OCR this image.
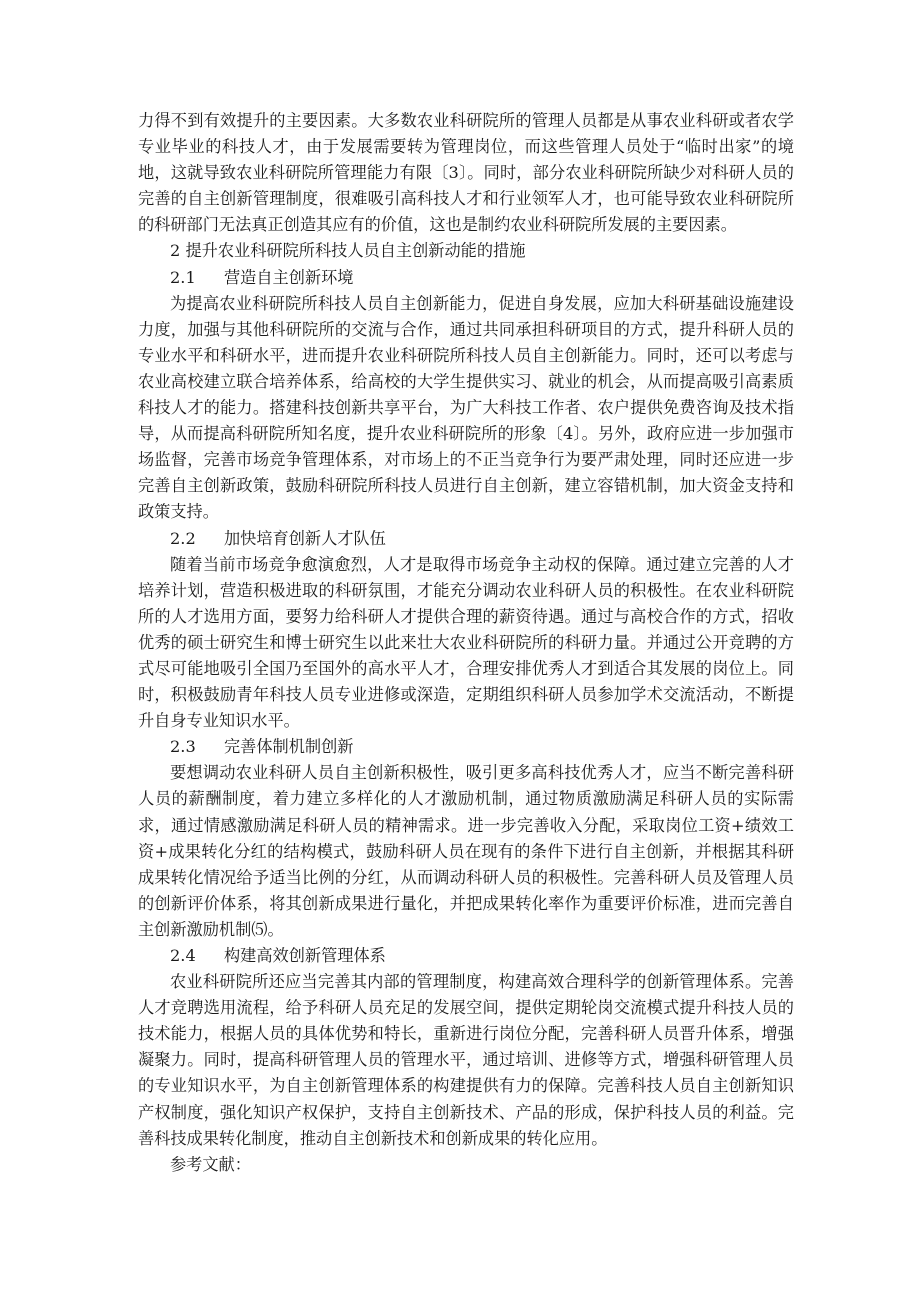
力得不到有效提升的主要因素。大多数农业科研院所的管理人员都是从事农业科研或者农学专业毕业的科技人才，由于发展需要转为管理岗位，而这些管理人员处于“临时出家”的境地，这就导致农业科研院所管理能力有限〔3〕。同时，部分农业科研院所缺少对科研人员的完善的自主创新管理制度，很难吸引高科技人才和行业领军人才，也可能导致农业科研院所的科研部门无法真正创造其应有的价值，这也是制约农业科研院所发展的主要因素。

2 提升农业科研院所科技人员自主创新动能的措施

2.1 营造自主创新环境

为提高农业科研院所科技人员自主创新能力，促进自身发展，应加大科研基础设施建设力度，加强与其他科研院所的交流与合作，通过共同承担科研项目的方式，提升科研人员的专业水平和科研水平，进而提升农业科研院所科技人员自主创新能力。同时，还可以考虑与农业高校建立联合培养体系，给高校的大学生提供实习、就业的机会，从而提高吸引高素质科技人才的能力。搭建科技创新共享平台，为广大科技工作者、农户提供免费咨询及技术指导，从而提高科研院所知名度，提升农业科研院所的形象〔4〕。另外，政府应进一步加强市场监督，完善市场竞争管理体系，对市场上的不正当竞争行为要严肃处理，同时还应进一步完善自主创新政策，鼓励科研院所科技人员进行自主创新，建立容错机制，加大资金支持和政策支持。

2.2 加快培育创新人才队伍

随着当前市场竞争愈演愈烈，人才是取得市场竞争主动权的保障。通过建立完善的人才培养计划，营造积极进取的科研氛围，才能充分调动农业科研人员的积极性。在农业科研院所的人才选用方面，要努力给科研人才提供合理的薪资待遇。通过与高校合作的方式，招收优秀的硕士研究生和博士研究生以此来壮大农业科研院所的科研力量。并通过公开竞聘的方式尽可能地吸引全国乃至国外的高水平人才，合理安排优秀人才到适合其发展的岗位上。同时，积极鼓励青年科技人员专业进修或深造，定期组织科研人员参加学术交流活动，不断提升自身专业知识水平。

2.3 完善体制机制创新

要想调动农业科研人员自主创新积极性，吸引更多高科技优秀人才，应当不断完善科研人员的薪酬制度，着力建立多样化的人才激励机制，通过物质激励满足科研人员的实际需求，通过情感激励满足科研人员的精神需求。进一步完善收入分配，采取岗位工资+绩效工资+成果转化分红的结构模式，鼓励科研人员在现有的条件下进行自主创新，并根据其科研成果转化情况给予适当比例的分红，从而调动科研人员的积极性。完善科研人员及管理人员的创新评价体系，将其创新成果进行量化，并把成果转化率作为重要评价标准，进而完善自主创新激励机制⑸。

2.4 构建高效创新管理体系

农业科研院所还应当完善其内部的管理制度，构建高效合理科学的创新管理体系。完善人才竞聘选用流程，给予科研人员充足的发展空间，提供定期轮岗交流模式提升科技人员的技术能力，根据人员的具体优势和特长，重新进行岗位分配，完善科研人员晋升体系，增强凝聚力。同时，提高科研管理人员的管理水平，通过培训、进修等方式，增强科研管理人员的专业知识水平，为自主创新管理体系的构建提供有力的保障。完善科技人员自主创新知识产权制度，强化知识产权保护，支持自主创新技术、产品的形成，保护科技人员的利益。完善科技成果转化制度，推动自主创新技术和创新成果的转化应用。

参考文献：
